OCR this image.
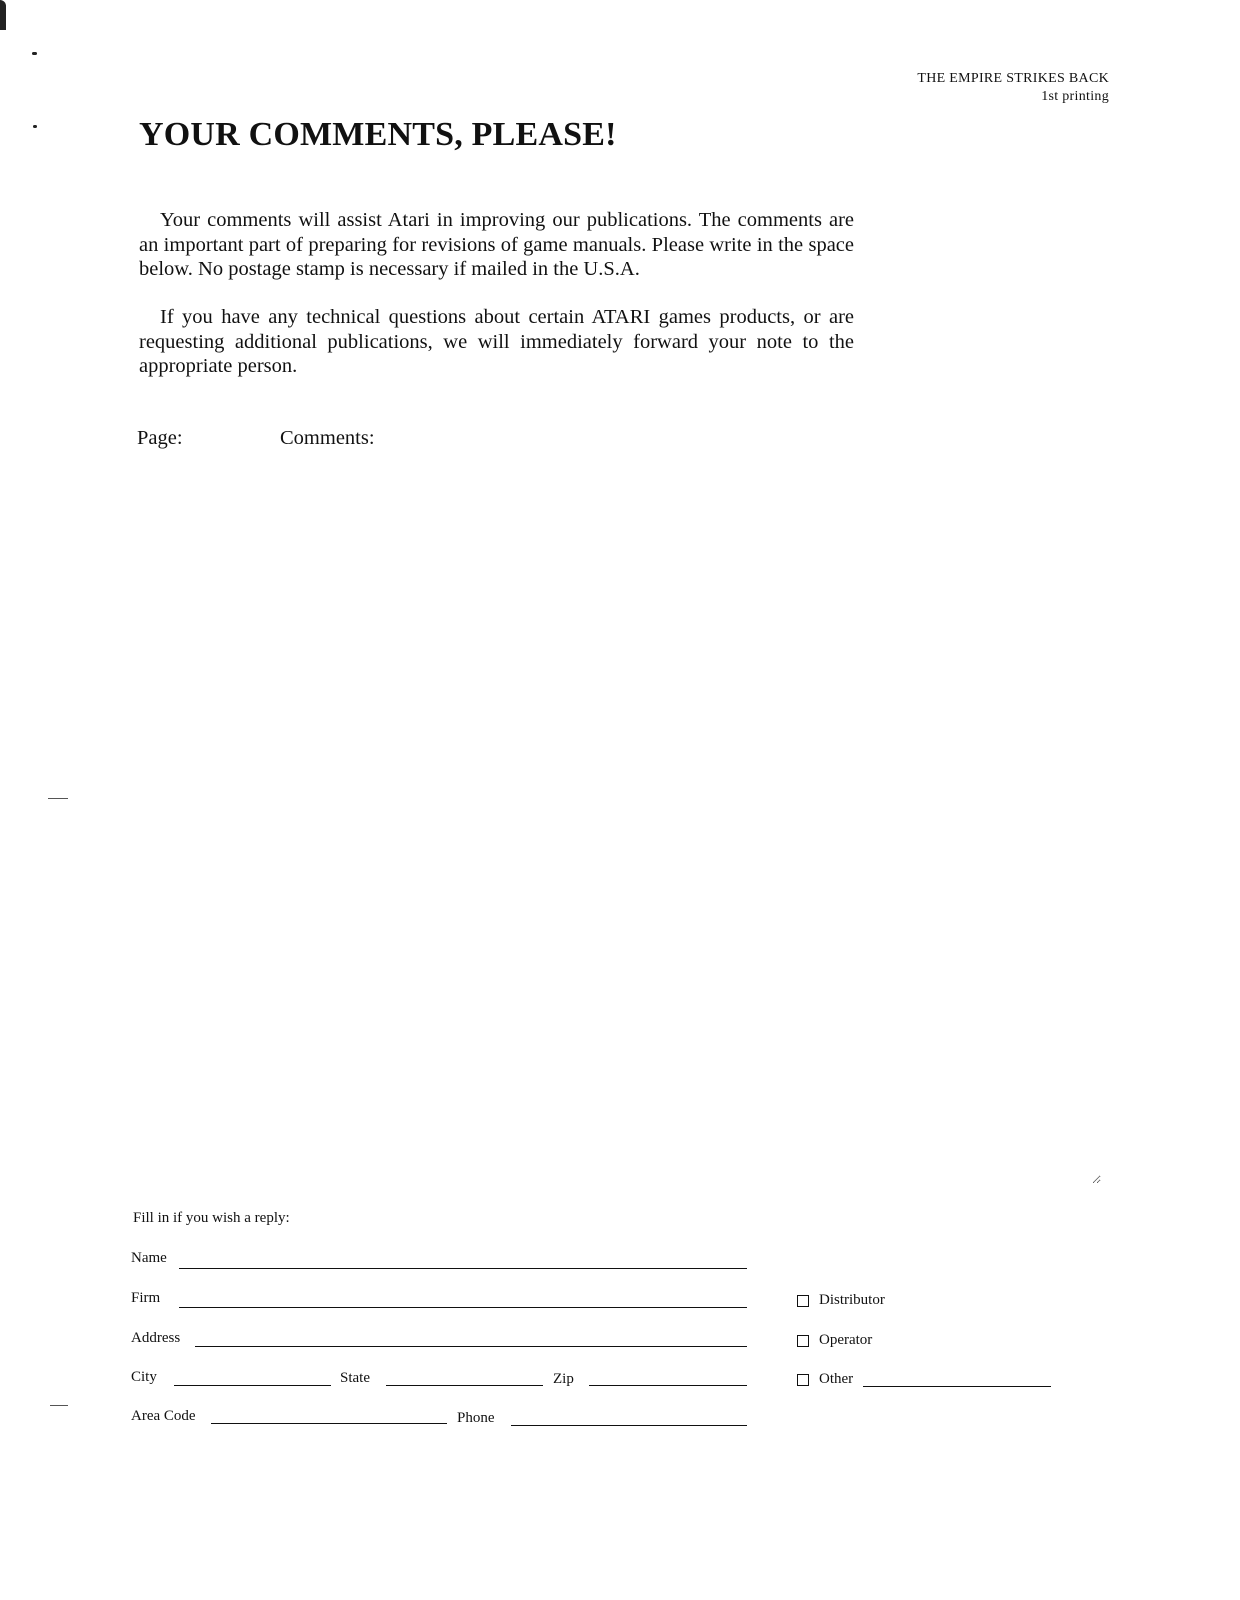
THE EMPIRE STRIKES BACK
1st printing
YOUR COMMENTS, PLEASE!

Your comments will assist Atari in improving our publications. The comments are an important part of preparing for revisions of game manuals. Please write in the space below. No postage stamp is necessary if mailed in the U.S.A.

If you have any technical questions about certain ATARI games products, or are requesting additional publications, we will immediately forward your note to the appropriate person.

Page:	Comments:
Fill in if you wish a reply:
Name
Firm
Address
City	State	Zip
Area Code	Phone
Distributor
Operator
Other
